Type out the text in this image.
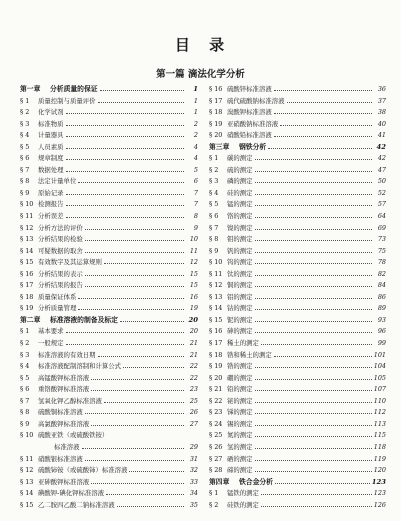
目 录
第一篇 滴法化学分析
第一章	分析质量的保证	1
§ 1	质量控制与质量评价	1
§ 2	化学试剂	1
§ 3	标准物质	2
§ 4	计量器具	2
§ 5	人员素质	4
§ 6	规章制度	4
§ 7	数据处理	5
§ 8	法定计量单位	6
§ 9	原始记录	7
§ 10 检测报告	7
§ 11 分析误差	8
§ 12 分析方法的评价	9
§ 13 分析结果的检验	10
§ 14 可疑数据的取舍	11
§ 15 有效数字及其运算规则	12
§ 16 分析结果的表示	15
§ 17 分析结果的报告	15
§ 18 质量保证体系	16
§ 19 分析质量管理	19
第二章	标准溶液的制备及标定	20
§ 1	基本要求	20
§ 2	一般规定	21
§ 3	标准溶液的有效日期	21
§ 4	标准溶液配制溶制和计算公式	22
§ 5	高锰酸钾标准溶液	22
§ 6	重铬酸钾标准溶液	23
§ 7	氢氧化钾乙醇标准溶液	25
§ 8	硫酸铜标准溶液	26
§ 9	高氯酸钾标准溶液	27
§ 10 硫酸亚铁（或硫酸铁铵）
标准溶液	29
§ 11 硝酸银标准溶液	31
§ 12 硫酸铈铵（或硫酸铈）标准溶液	32
§ 13 亚砷酸钾标准溶液	33
§ 14 碘酸钾-碘化钾标准溶液	34
§ 15 乙二胺四乙酸二钠标准溶液	35
§ 16 硫酸锌标准溶液	36
§ 17 硫代硫酸钠标准溶液	37
§ 18 溴酸钾标准溶液	38
§ 19 亚硝酸钠标准溶液	40
§ 20 硝酸铅标准溶液	41
第三章	钢铁分析	42
§ 1	碳的测定	42
§ 2	硫的测定	47
§ 3	磷的测定	50
§ 4	硅的测定	52
§ 5	锰的测定	57
§ 6	铬的测定	64
§ 7	镍的测定	69
§ 8	钼的测定	73
§ 9	钒的测定	75
§ 10 钨的测定	78
§ 11 钛的测定	82
§ 12 铜的测定	84
§ 13 铝的测定	86
§ 14 钴的测定	89
§ 15 铌的测定	93
§ 16 砷的测定	96
§ 17 稀土的测定	99
§ 18 锆和稀土的测定	101
§ 19 锆的测定	104
§ 20 硼的测定	105
§ 21 铅的测定	107
§ 22 铋的测定	110
§ 23 锑的测定	112
§ 24 锡的测定	113
§ 25 氮的测定	115
§ 26 氢的测定	118
§ 27 硒的测定	119
§ 28 碲的测定	120
第四章	铁合金分析	123
§ 1	锰铁的测定	123
§ 2	硅铁的测定	126
